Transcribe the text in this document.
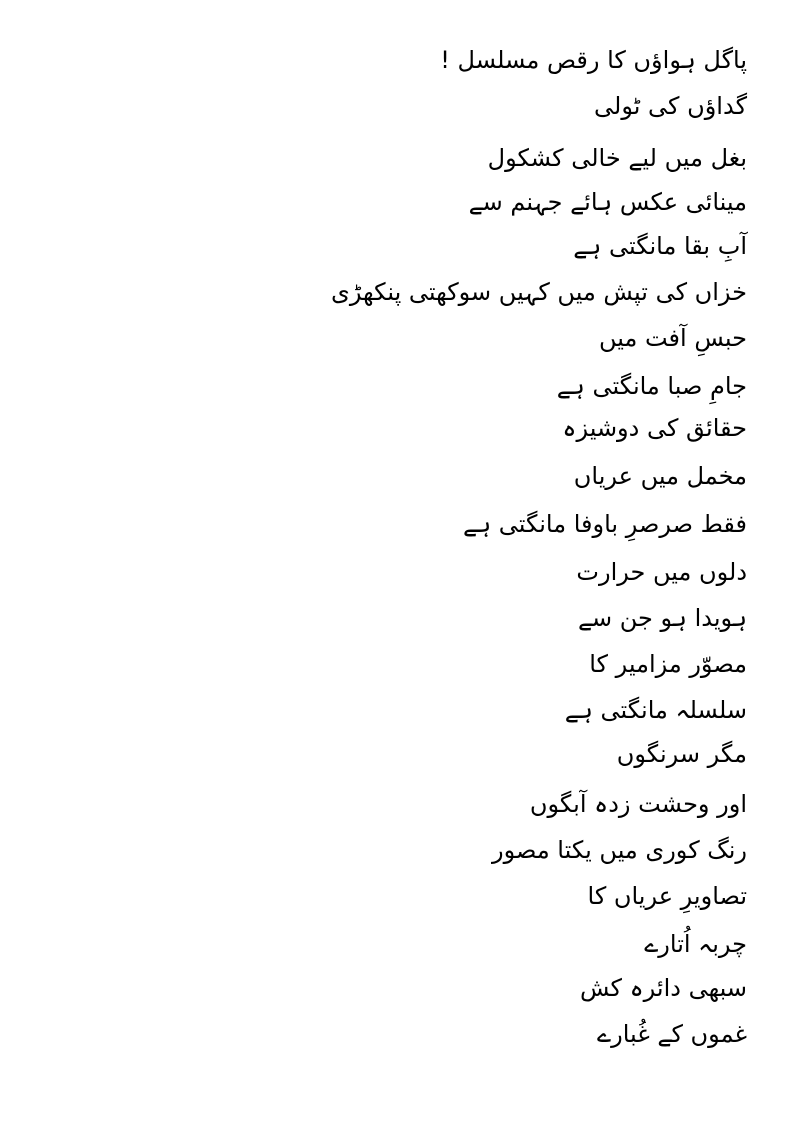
پاگل ہواؤں کا رقص مسلسل !
گداؤں کی ٹولی
بغل میں لیے خالی کشکول
مینائی عکس ہائے جہنم سے
آبِ بقا مانگتی ہے
خزاں کی تپش میں کہیں سوکھتی پنکھڑی
حبسِ آفت میں
جامِ صبا مانگتی ہے
حقائق کی دوشیزہ
مخمل میں عریاں
فقط صرصرِ باوفا مانگتی ہے
دلوں میں حرارت
ہویدا ہو جن سے
مصوّر مزامیر کا
سلسلہ مانگتی ہے
مگر سرنگوں
اور وحشت زدہ آبگوں
رنگ کوری میں یکتا مصور
تصاویرِ عریاں کا
چربہ اُتارے
سبھی دائرہ کش
غموں کے غُبارے
